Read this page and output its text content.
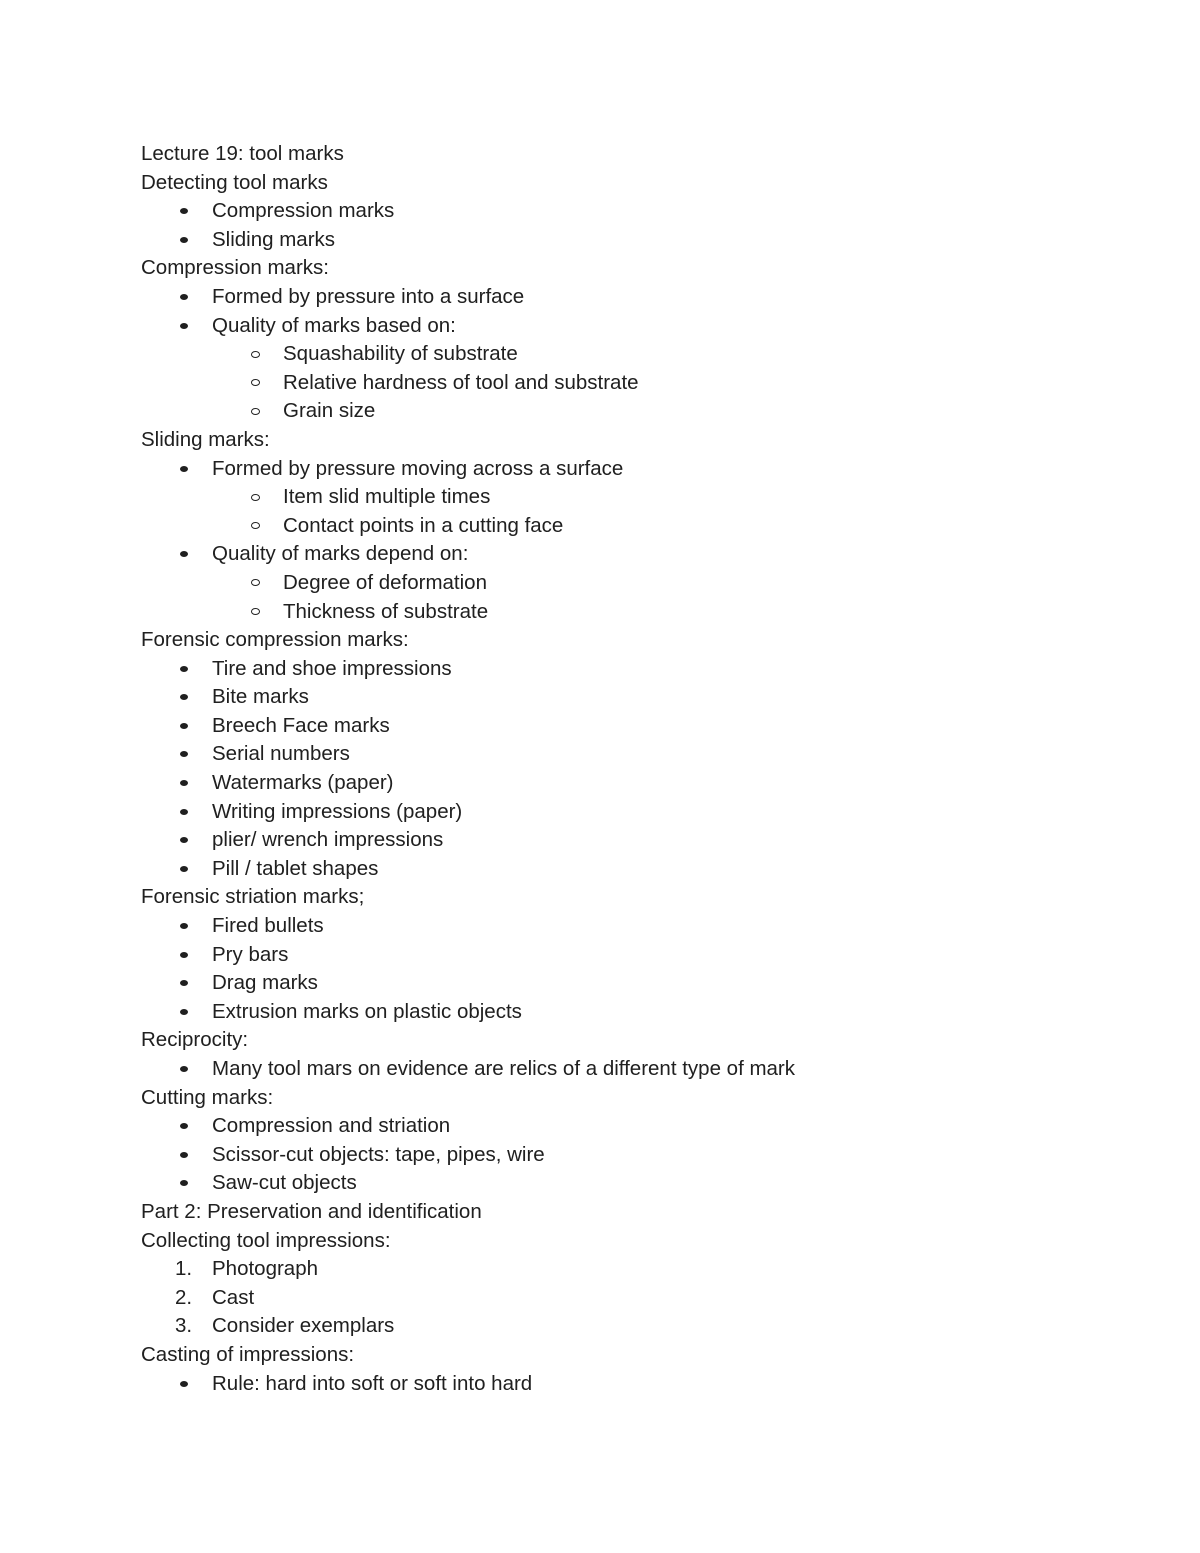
Lecture 19: tool marks
Detecting tool marks
Compression marks
Sliding marks
Compression marks:
Formed by pressure into a surface
Quality of marks based on:
Squashability of substrate
Relative hardness of tool and substrate
Grain size
Sliding marks:
Formed by pressure moving across a surface
Item slid multiple times
Contact points in a cutting face
Quality of marks depend on:
Degree of deformation
Thickness of substrate
Forensic compression marks:
Tire and shoe impressions
Bite marks
Breech Face marks
Serial numbers
Watermarks (paper)
Writing impressions (paper)
plier/ wrench impressions
Pill / tablet shapes
Forensic striation marks;
Fired bullets
Pry bars
Drag marks
Extrusion marks on plastic objects
Reciprocity:
Many tool mars on evidence are relics of a different type of mark
Cutting marks:
Compression and striation
Scissor-cut objects: tape, pipes, wire
Saw-cut objects
Part 2: Preservation and identification
Collecting tool impressions:
1. Photograph
2. Cast
3. Consider exemplars
Casting of impressions:
Rule: hard into soft or soft into hard
